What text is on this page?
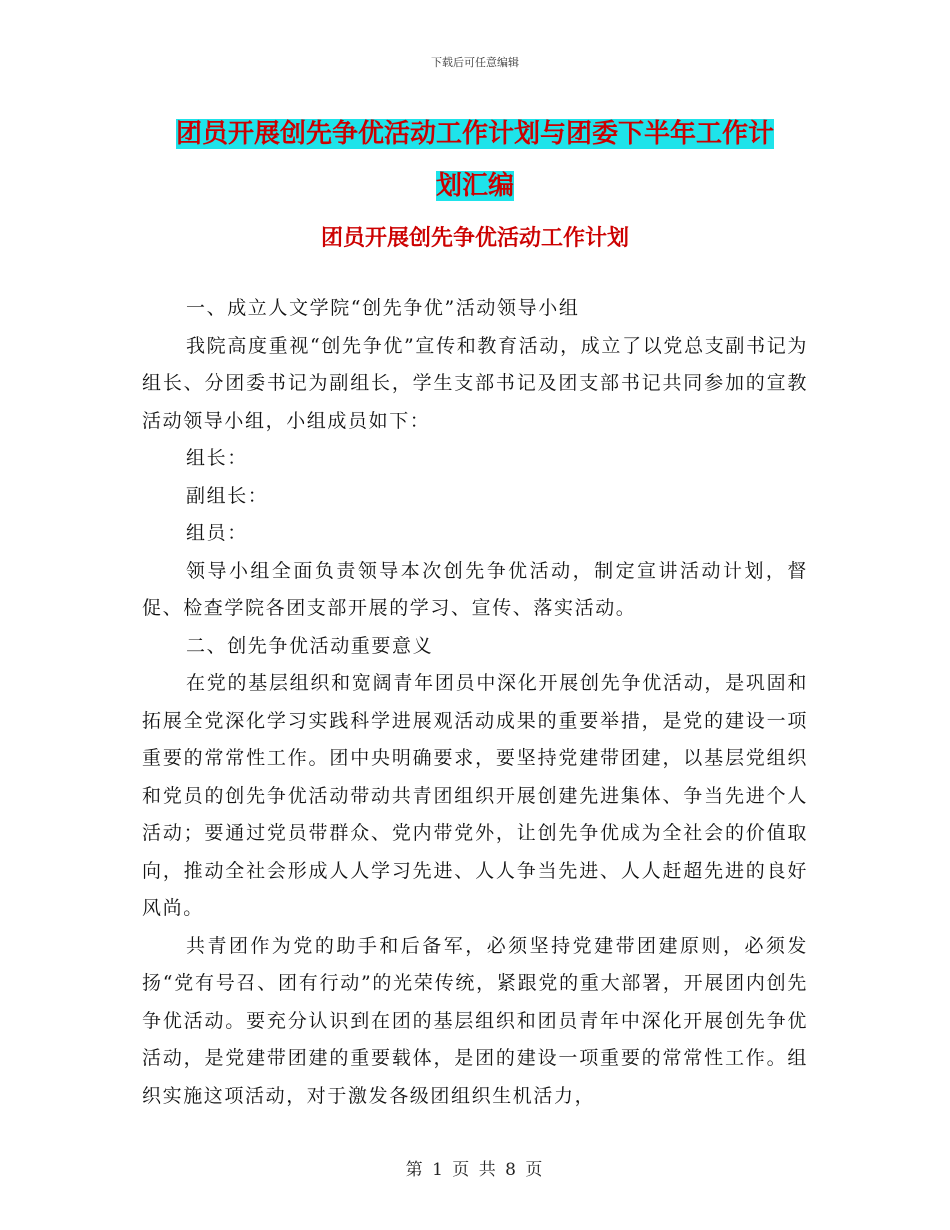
下载后可任意编辑
团员开展创先争优活动工作计划与团委下半年工作计
划汇编
团员开展创先争优活动工作计划

一、成立人文学院“创先争优”活动领导小组

我院高度重视“创先争优”宣传和教育活动，成立了以党总支副书记为组长、分团委书记为副组长，学生支部书记及团支部书记共同参加的宣教活动领导小组，小组成员如下：

组长：

副组长：

组员：

领导小组全面负责领导本次创先争优活动，制定宣讲活动计划，督促、检查学院各团支部开展的学习、宣传、落实活动。

二、创先争优活动重要意义

在党的基层组织和宽阔青年团员中深化开展创先争优活动，是巩固和拓展全党深化学习实践科学进展观活动成果的重要举措，是党的建设一项重要的常常性工作。团中央明确要求，要坚持党建带团建，以基层党组织和党员的创先争优活动带动共青团组织开展创建先进集体、争当先进个人活动；要通过党员带群众、党内带党外，让创先争优成为全社会的价值取向，推动全社会形成人人学习先进、人人争当先进、人人赶超先进的良好风尚。

共青团作为党的助手和后备军，必须坚持党建带团建原则，必须发扬“党有号召、团有行动”的光荣传统，紧跟党的重大部署，开展团内创先争优活动。要充分认识到在团的基层组织和团员青年中深化开展创先争优活动，是党建带团建的重要载体，是团的建设一项重要的常常性工作。组织实施这项活动，对于激发各级团组织生机活力，

第 1 页 共 8 页
